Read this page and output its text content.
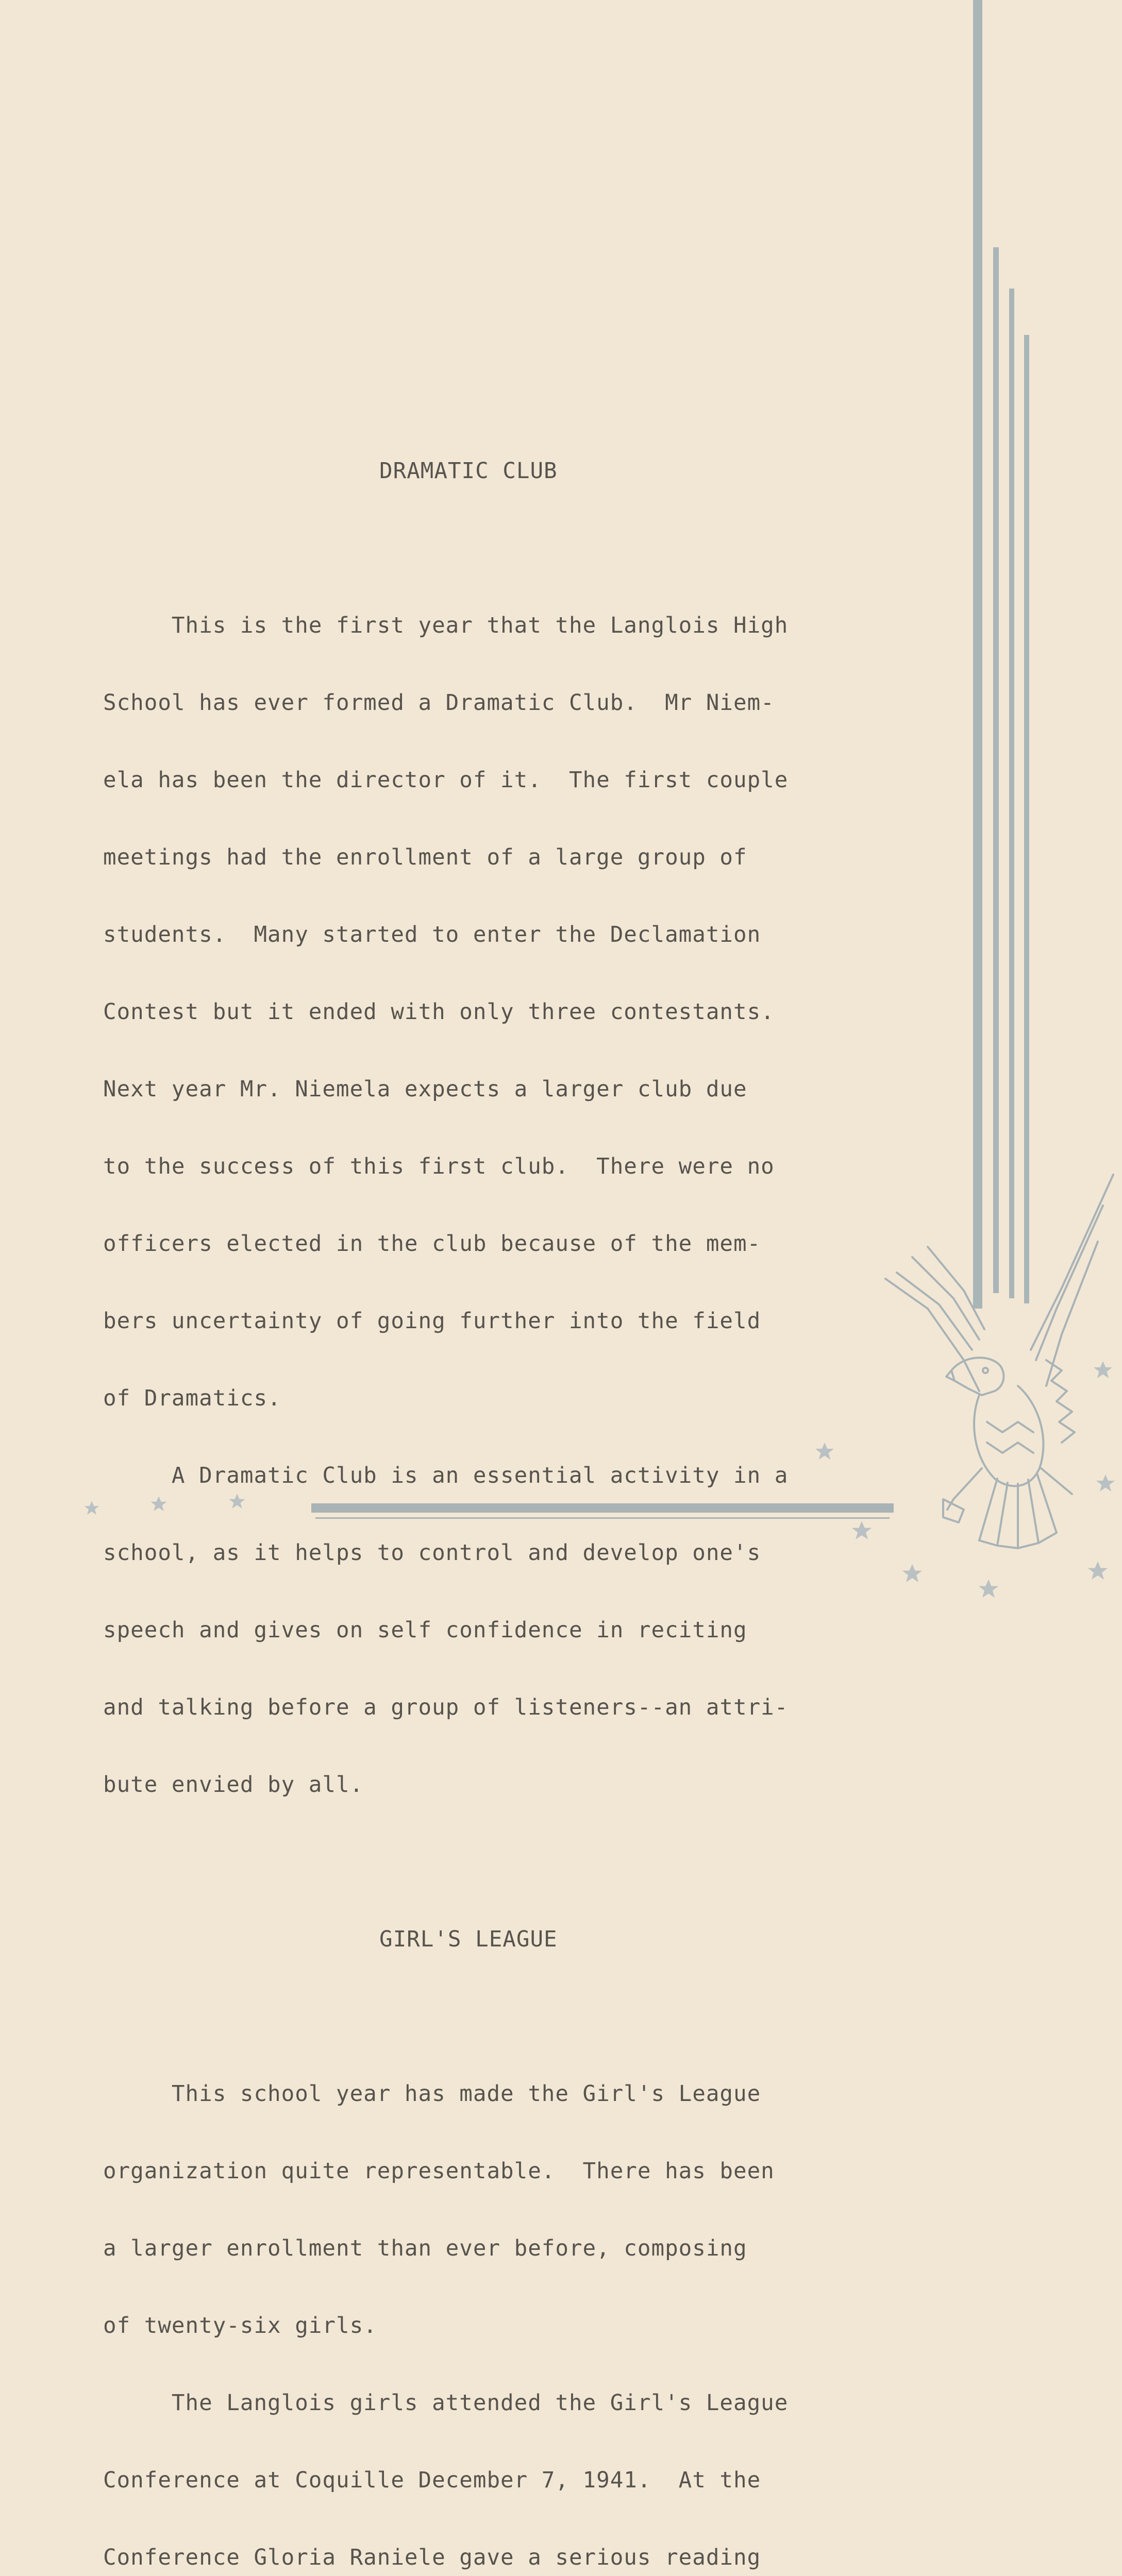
DRAMATIC CLUB

This is the first year that the Langlois High

School has ever formed a Dramatic Club.  Mr Niem-

ela has been the director of it.  The first couple

meetings had the enrollment of a large group of

students.  Many started to enter the Declamation

Contest but it ended with only three contestants.

Next year Mr. Niemela expects a larger club due

to the success of this first club.  There were no

officers elected in the club because of the mem-

bers uncertainty of going further into the field

of Dramatics.

A Dramatic Club is an essential activity in a

school, as it helps to control and develop one's

speech and gives on self confidence in reciting

and talking before a group of listeners--an attri-

bute envied by all.

GIRL'S LEAGUE

This school year has made the Girl's League

organization quite representable.  There has been

a larger enrollment than ever before, composing

of twenty-six girls.

The Langlois girls attended the Girl's League

Conference at Coquille December 7, 1941.  At the

Conference Gloria Raniele gave a serious reading
